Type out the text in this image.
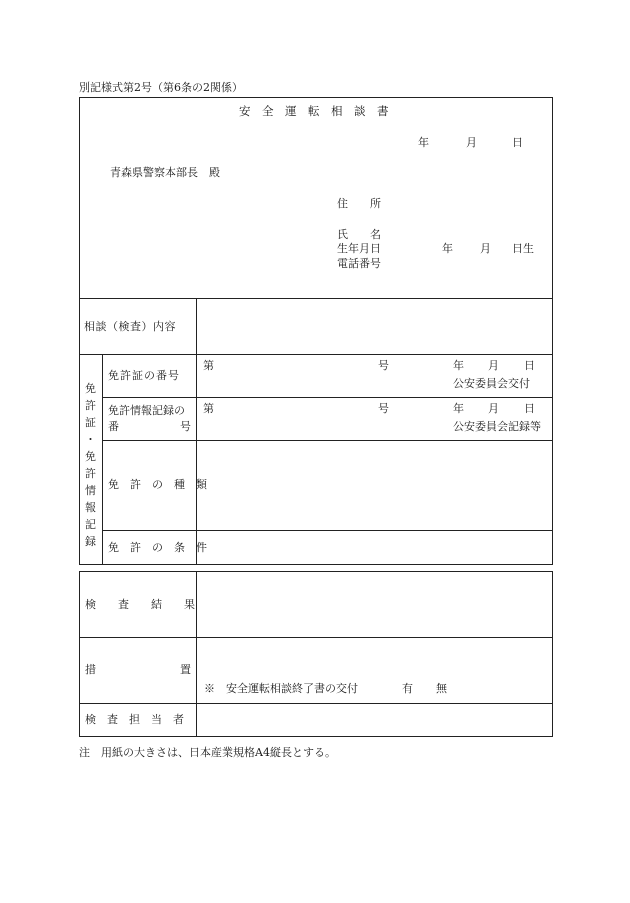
別記様式第2号（第6条の2関係）
安　全　運　転　相　談　書
年	月	日
青森県警察本部長　殿
住　　所
氏　　名
生年月日	年 月 日生
電話番号
相談（検査）内容
免
許
証
・
免
許
情
報
記
録
免許証の番号
第	号	年 月 日
公安委員会交付
免許情報記録の
番	号
第	号	年 月 日
公安委員会記録等
免　許　の　種　類
免　許　の　条　件
検　　査　　結　　果
措	置
※　安全運転相談終了書の交付	有 無
検　査　担　当　者
注　用紙の大きさは、日本産業規格A4縦長とする。
